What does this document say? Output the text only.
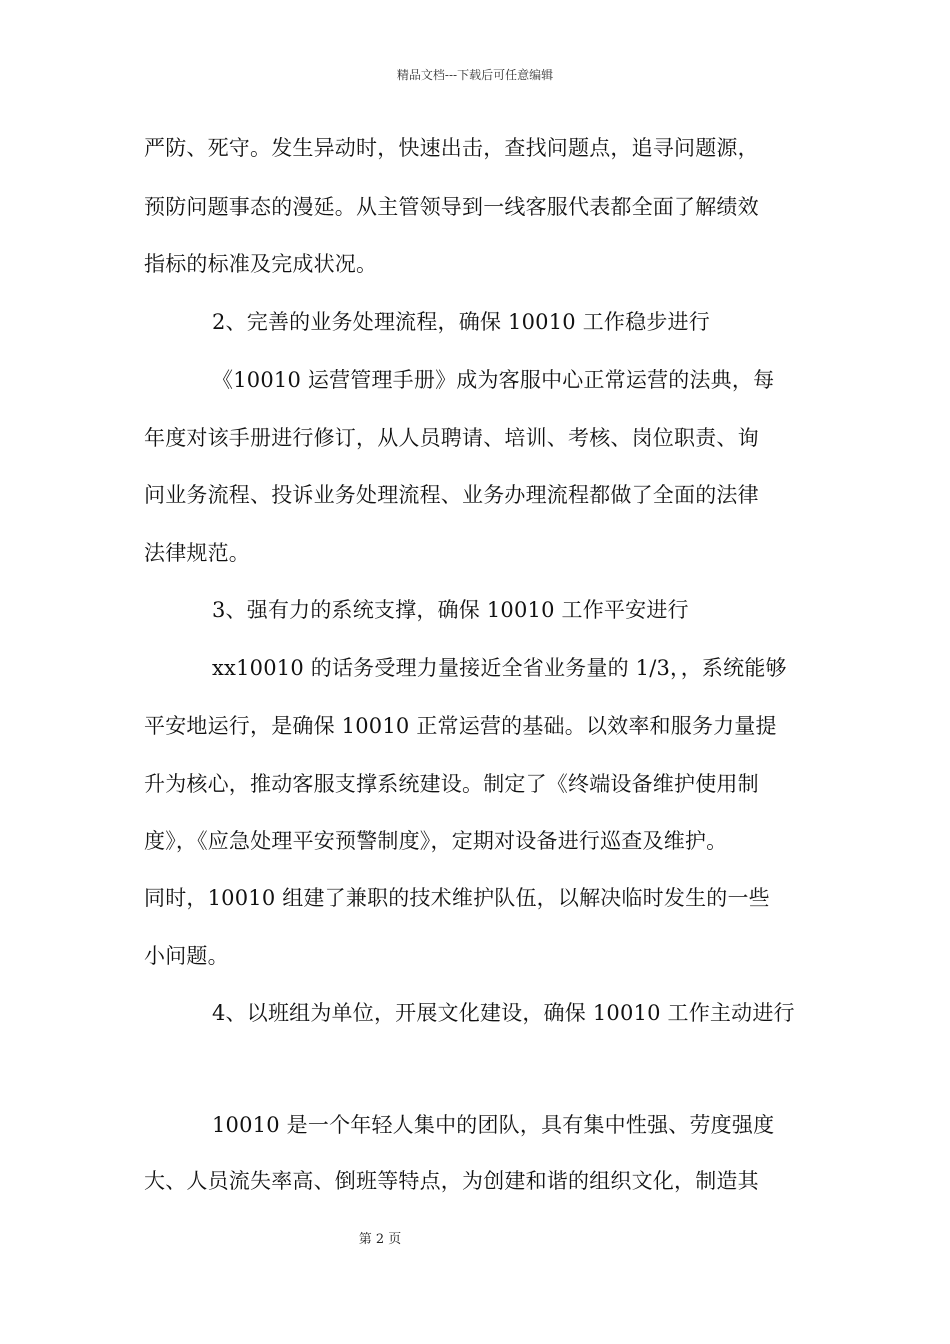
精品文档---下载后可任意编辑
严防、死守。发生异动时，快速出击，查找问题点，追寻问题源，
预防问题事态的漫延。从主管领导到一线客服代表都全面了解绩效
指标的标准及完成状况。
2、完善的业务处理流程，确保 10010 工作稳步进行
《10010 运营管理手册》成为客服中心正常运营的法典，每
年度对该手册进行修订，从人员聘请、培训、考核、岗位职责、询
问业务流程、投诉业务处理流程、业务办理流程都做了全面的法律
法律规范。
3、强有力的系统支撑，确保 10010 工作平安进行
xx10010 的话务受理力量接近全省业务量的 1/3，，系统能够
平安地运行，是确保 10010 正常运营的基础。以效率和服务力量提
升为核心，推动客服支撑系统建设。制定了《终端设备维护使用制
度》，《应急处理平安预警制度》，定期对设备进行巡查及维护。
同时，10010 组建了兼职的技术维护队伍，以解决临时发生的一些
小问题。
4、以班组为单位，开展文化建设，确保 10010 工作主动进行
10010 是一个年轻人集中的团队，具有集中性强、劳度强度
大、人员流失率高、倒班等特点，为创建和谐的组织文化，制造其
第 2 页
